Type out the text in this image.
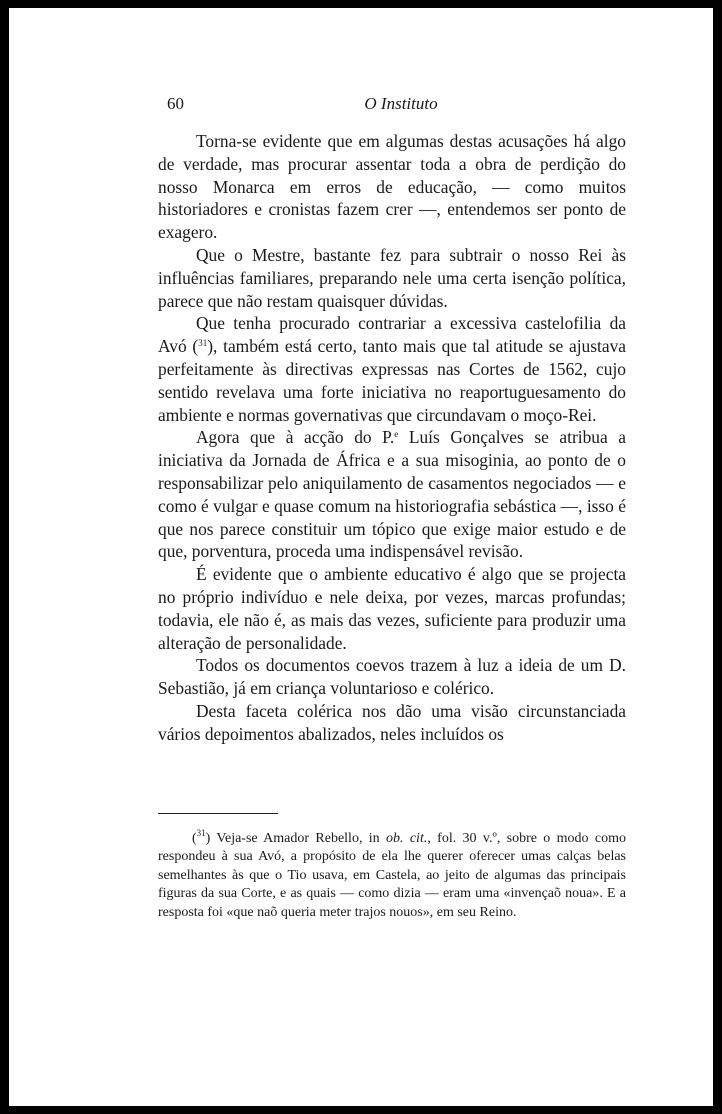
60	O Instituto

Torna-se evidente que em algumas destas acusações há algo de verdade, mas procurar assentar toda a obra de perdição do nosso Monarca em erros de educação, — como muitos historiadores e cronistas fazem crer —, entendemos ser ponto de exagero.

Que o Mestre, bastante fez para subtrair o nosso Rei às influências familiares, preparando nele uma certa isenção política, parece que não restam quaisquer dúvidas.

Que tenha procurado contrariar a excessiva castelofilia da Avó ($^{31}$), também está certo, tanto mais que tal atitude se ajustava perfeitamente às directivas expressas nas Cortes de 1562, cujo sentido revelava uma forte iniciativa no reaportuguesamento do ambiente e normas governativas que circundavam o moço-Rei.

Agora que à acção do P.$^e$ Luís Gonçalves se atribua a iniciativa da Jornada de África e a sua misoginia, ao ponto de o responsabilizar pelo aniquilamento de casamentos negociados — e como é vulgar e quase comum na historiografia sebástica —, isso é que nos parece constituir um tópico que exige maior estudo e de que, porventura, proceda uma indispensável revisão.

É evidente que o ambiente educativo é algo que se projecta no próprio indivíduo e nele deixa, por vezes, marcas profundas; todavia, ele não é, as mais das vezes, suficiente para produzir uma alteração de personalidade.

Todos os documentos coevos trazem à luz a ideia de um D. Sebastião, já em criança voluntarioso e colérico.

Desta faceta colérica nos dão uma visão circunstanciada vários depoimentos abalizados, neles incluídos os

($^{31}$) Veja-se Amador Rebello, in ob. cit., fol. 30 v.º, sobre o modo como respondeu à sua Avó, a propósito de ela lhe querer oferecer umas calças belas semelhantes às que o Tio usava, em Castela, ao jeito de algumas das principais figuras da sua Corte, e as quais — como dizia — eram uma «invençaõ noua». E a resposta foi «que naõ queria meter trajos nouos», em seu Reino.
